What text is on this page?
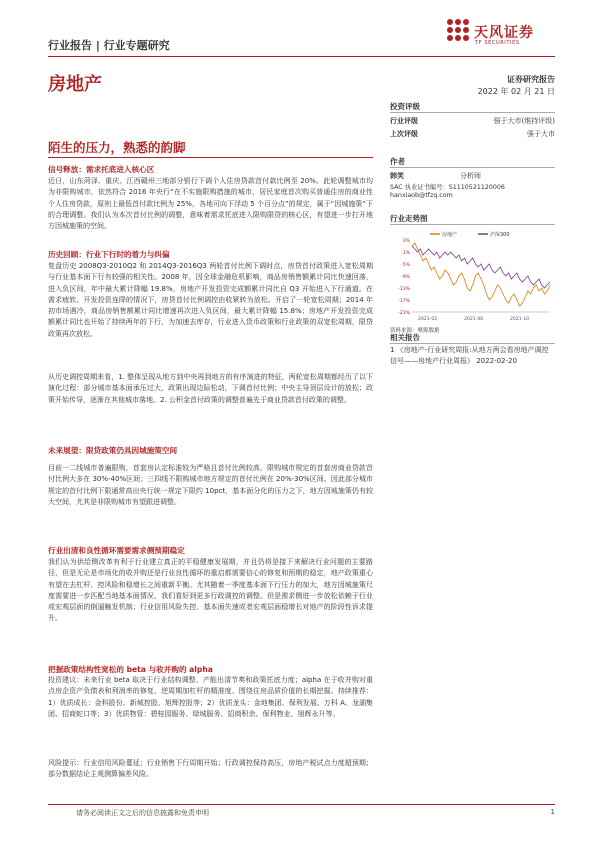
行业报告 | 行业专题研究
天风证券
TF SECURITIES
房地产	证券研究报告
2022 年 02 月 21 日
陌生的压力，熟悉的韵脚
投资评级
行业评级	强于大市(维持评级)
上次评级	强于大市
作者
韩笑	分析师
SAC 执业证书编号：S1110521120006
hanxiaob@tfzq.com
行业走势图
3%
-1%
-5%
-9%
-13%
-17%
-21%
2021-02	2021-06	2021-10
房地产	沪深300
资料来源：聚源数据
相关报告
1 《房地产-行业研究周报:从地方两会看房地产调控信号——房地产行业周报》 2022-02-20
信号释放：需求托底进入核心区
近日，山东菏泽、重庆、江西赣州三地部分银行下调个人住房贷款首付款比例至 20%。此轮调整城市均为非限购城市，依然符合 2016 年央行“在不实施限购措施的城市，居民家庭首次购买普通住房的商业性个人住房贷款，原则上最低首付款比例为 25%，各地可向下浮动 5 个百分点”的规定，属于“因城施策”下的合理调整。我们认为本次首付比例的调整，意味着需求托底进入限购限贷的核心区，有望进一步打开地方因城施策的空间。
历史回顾：行业下行时的着力与纠偏
复盘历史 2008Q3-2010Q2 和 2014Q3-2016Q3 两轮首付比例下调时点，房贷首付政策进入宽松周期与行业基本面下行有较强的相关性。2008 年，因全球金融危机影响，商品房销售额累计同比快速回落，进入负区间，年中最大累计降幅 19.8%，房地产开发投资完成额累计同比自 Q3 开始进入下行通道。在需求疲软、开发投资连降的情况下，房贷首付比例调控由收紧转为放松。开启了一轮宽松周期；2014 年初市场遇冷，商品房销售额累计同比增速再次进入负区间，最大累计降幅 15.8%；房地产开发投资完成额累计同比也开始了持续两年的下行，为加速去库存，行业进入货币政策和行业政策的双宽松周期，限贷政策再次放松。
从历史调控周期来看，1. 整体呈现从地方到中央再到地方的有序演进的特征，两轮宽松周期都经历了以下演化过程：部分城市基本面承压过大，政策出现边际松动，下调首付比例；中央主导顶层设计的放松；政策开始传导，逐渐在其他城市落地。2. 公积金首付政策的调整普遍先于商业贷款首付政策的调整。
未来展望：限贷政策仍具因城施策空间
目前一二线城市普遍限购，首套房认定标准较为严格且首付比例较高，限购城市规定的首套房商业贷款首付比例大多在 30%-40%区间；三四线不限购城市地方规定的首付比例在 20%-30%区间。因此部分城市规定的首付比例下限通常高出央行统一规定下限约 10pct，基本面分化的压力之下，地方因城施策仍有较大空间，尤其是非限购城市有望跟进调整。
行业出清和良性循环需要需求侧预期稳定
我们认为供给侧改革有利于行业建立真正的平稳健康发展期，并且仍将是接下来解决行业问题的主要路径，但是无论是市场化的收并购还是行业良性循环的重启都需要信心的修复和预期的稳定，地产政策重心有望在去杠杆、控风险和稳增长之间重新平衡。尤其随着一季度基本面下行压力的加大，地方因城施策尺度需要进一步匹配当地基本面情况，我们看好到更多行政调控的调整。但是需求侧进一步放松依赖于行业或宏观层面的倒逼触发机制；行业信用风险失控、基本面失速或者宏观层面稳增长对地产的阶段性诉求提升。
把握政策结构性宽松的 beta 与收并购的 alpha
投资建议：未来行业 beta 取决于行业结构调整、产能出清节奏和政策托底力度；alpha 在于收并购对重点房企资产负债表和利润率的修复、逆周期加杠杆的精准度、围绕住房品质价值的长期挖掘。持续推荐：1）优质成长：金科股份、新城控股、旭辉控股等；2）优质龙头：金地集团、保利发展、万科 A、龙湖集团、招商蛇口等；3）优质物管：碧桂园服务、绿城服务、招商积余、保利物业、旭辉永升等。
风险提示：行业信用风险蔓延；行业销售下行周期开始；行政调控保持高压，房地产税试点力度超预期；部分数据结论主观测算偏差风险。
请务必阅读正文之后的信息披露和免责申明	1
